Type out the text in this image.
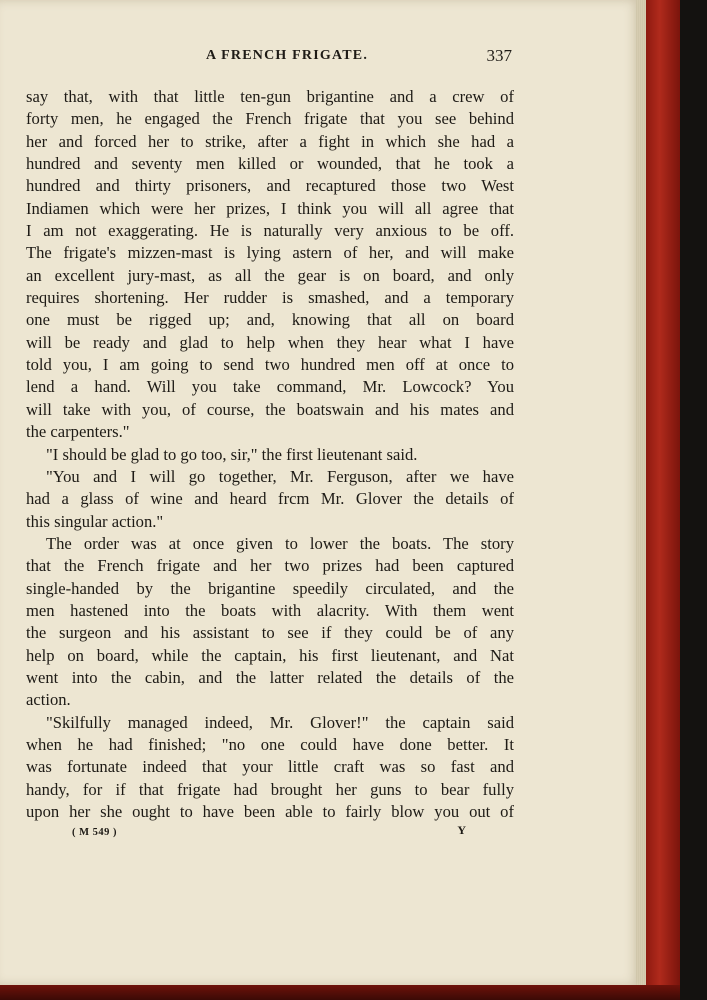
A FRENCH FRIGATE.	337
say that, with that little ten-gun brigantine and a crew of
forty men, he engaged the French frigate that you see behind
her and forced her to strike, after a fight in which she had a
hundred and seventy men killed or wounded, that he took a
hundred and thirty prisoners, and recaptured those two West
Indiamen which were her prizes, I think you will all agree that
I am not exaggerating. He is naturally very anxious to be off.
The frigate's mizzen-mast is lying astern of her, and will make
an excellent jury-mast, as all the gear is on board, and only
requires shortening. Her rudder is smashed, and a temporary
one must be rigged up; and, knowing that all on board
will be ready and glad to help when they hear what I have
told you, I am going to send two hundred men off at once to
lend a hand. Will you take command, Mr. Lowcock? You
will take with you, of course, the boatswain and his mates and
the carpenters."
"I should be glad to go too, sir," the first lieutenant said.
"You and I will go together, Mr. Ferguson, after we have
had a glass of wine and heard frcm Mr. Glover the details of
this singular action."
The order was at once given to lower the boats. The story
that the French frigate and her two prizes had been captured
single-handed by the brigantine speedily circulated, and the
men hastened into the boats with alacrity. With them went
the surgeon and his assistant to see if they could be of any
help on board, while the captain, his first lieutenant, and Nat
went into the cabin, and the latter related the details of the
action.
"Skilfully managed indeed, Mr. Glover!" the captain said
when he had finished; "no one could have done better. It
was fortunate indeed that your little craft was so fast and
handy, for if that frigate had brought her guns to bear fully
upon her she ought to have been able to fairly blow you out of
( M 549 )	Y
